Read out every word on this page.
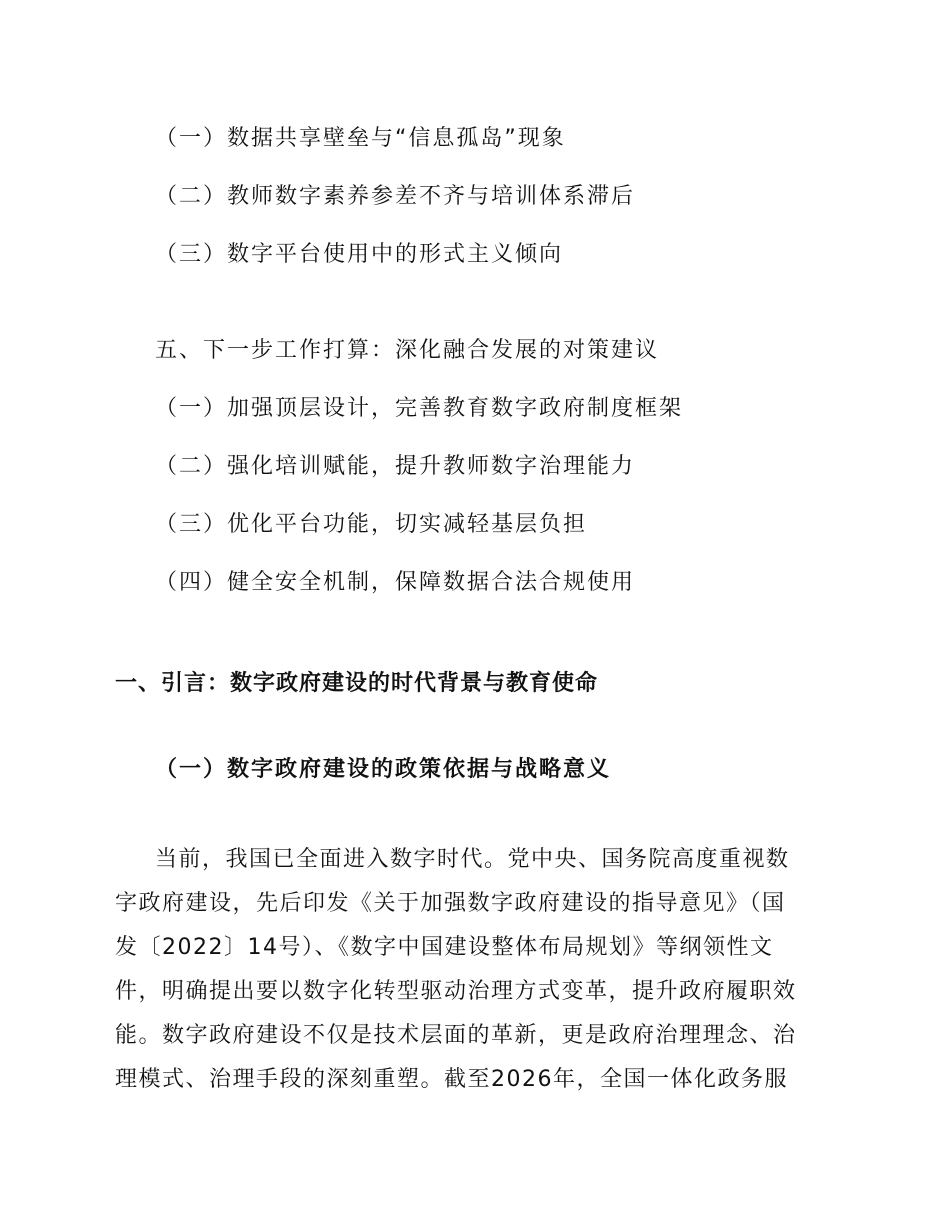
（一）数据共享壁垒与“信息孤岛”现象
（二）教师数字素养参差不齐与培训体系滞后
（三）数字平台使用中的形式主义倾向
五、下一步工作打算：深化融合发展的对策建议
（一）加强顶层设计，完善教育数字政府制度框架
（二）强化培训赋能，提升教师数字治理能力
（三）优化平台功能，切实减轻基层负担
（四）健全安全机制，保障数据合法合规使用
一、引言：数字政府建设的时代背景与教育使命
（一）数字政府建设的政策依据与战略意义
当前，我国已全面进入数字时代。党中央、国务院高度重视数
字政府建设，先后印发《关于加强数字政府建设的指导意见》（国
发〔2022〕14号）、《数字中国建设整体布局规划》等纲领性文
件，明确提出要以数字化转型驱动治理方式变革，提升政府履职效
能。数字政府建设不仅是技术层面的革新，更是政府治理理念、治
理模式、治理手段的深刻重塑。截至2026年，全国一体化政务服
